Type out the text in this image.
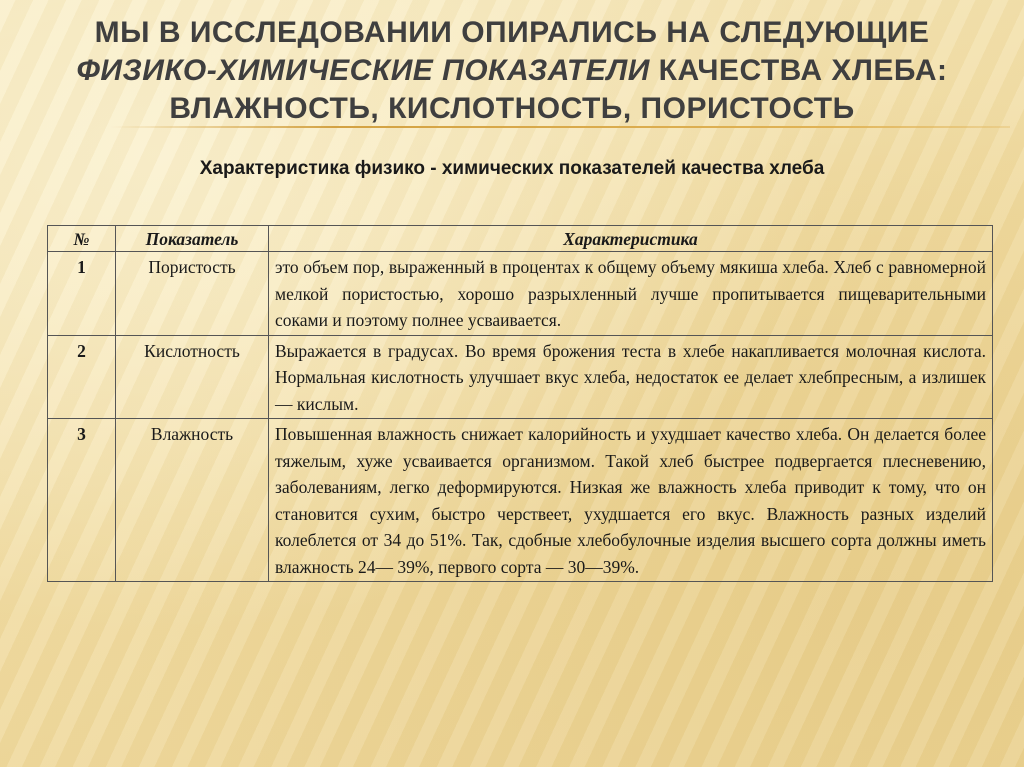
МЫ В ИССЛЕДОВАНИИ ОПИРАЛИСЬ НА СЛЕДУЮЩИЕ ФИЗИКО-ХИМИЧЕСКИЕ ПОКАЗАТЕЛИ КАЧЕСТВА ХЛЕБА: ВЛАЖНОСТЬ, КИСЛОТНОСТЬ, ПОРИСТОСТЬ

Характеристика физико - химических показателей качества хлеба

№	Показатель	Характеристика
1	Пористость	это объем пор, выраженный в процентах к общему объему мякиша хлеба. Хлеб с равномерной мелкой пористостью, хорошо разрыхленный лучше пропитывается пищеварительными соками и поэтому полнее усваивается.
2	Кислотность	Выражается в градусах. Во время брожения теста в хлебе накапливается молочная кислота. Нормальная кислотность улучшает вкус хлеба, недостаток ее делает хлебпресным, а излишек — кислым.
3	Влажность	Повышенная влажность снижает калорийность и ухудшает качество хлеба. Он делается более тяжелым, хуже усваивается организмом. Такой хлеб быстрее подвергается плесневению, заболеваниям, легко деформируются. Низкая же влажность хлеба приводит к тому, что он становится сухим, быстро черствеет, ухудшается его вкус. Влажность разных изделий колеблется от 34 до 51%. Так, сдобные хлебобулочные изделия высшего сорта должны иметь влажность 24— 39%, первого сорта — 30—39%.
